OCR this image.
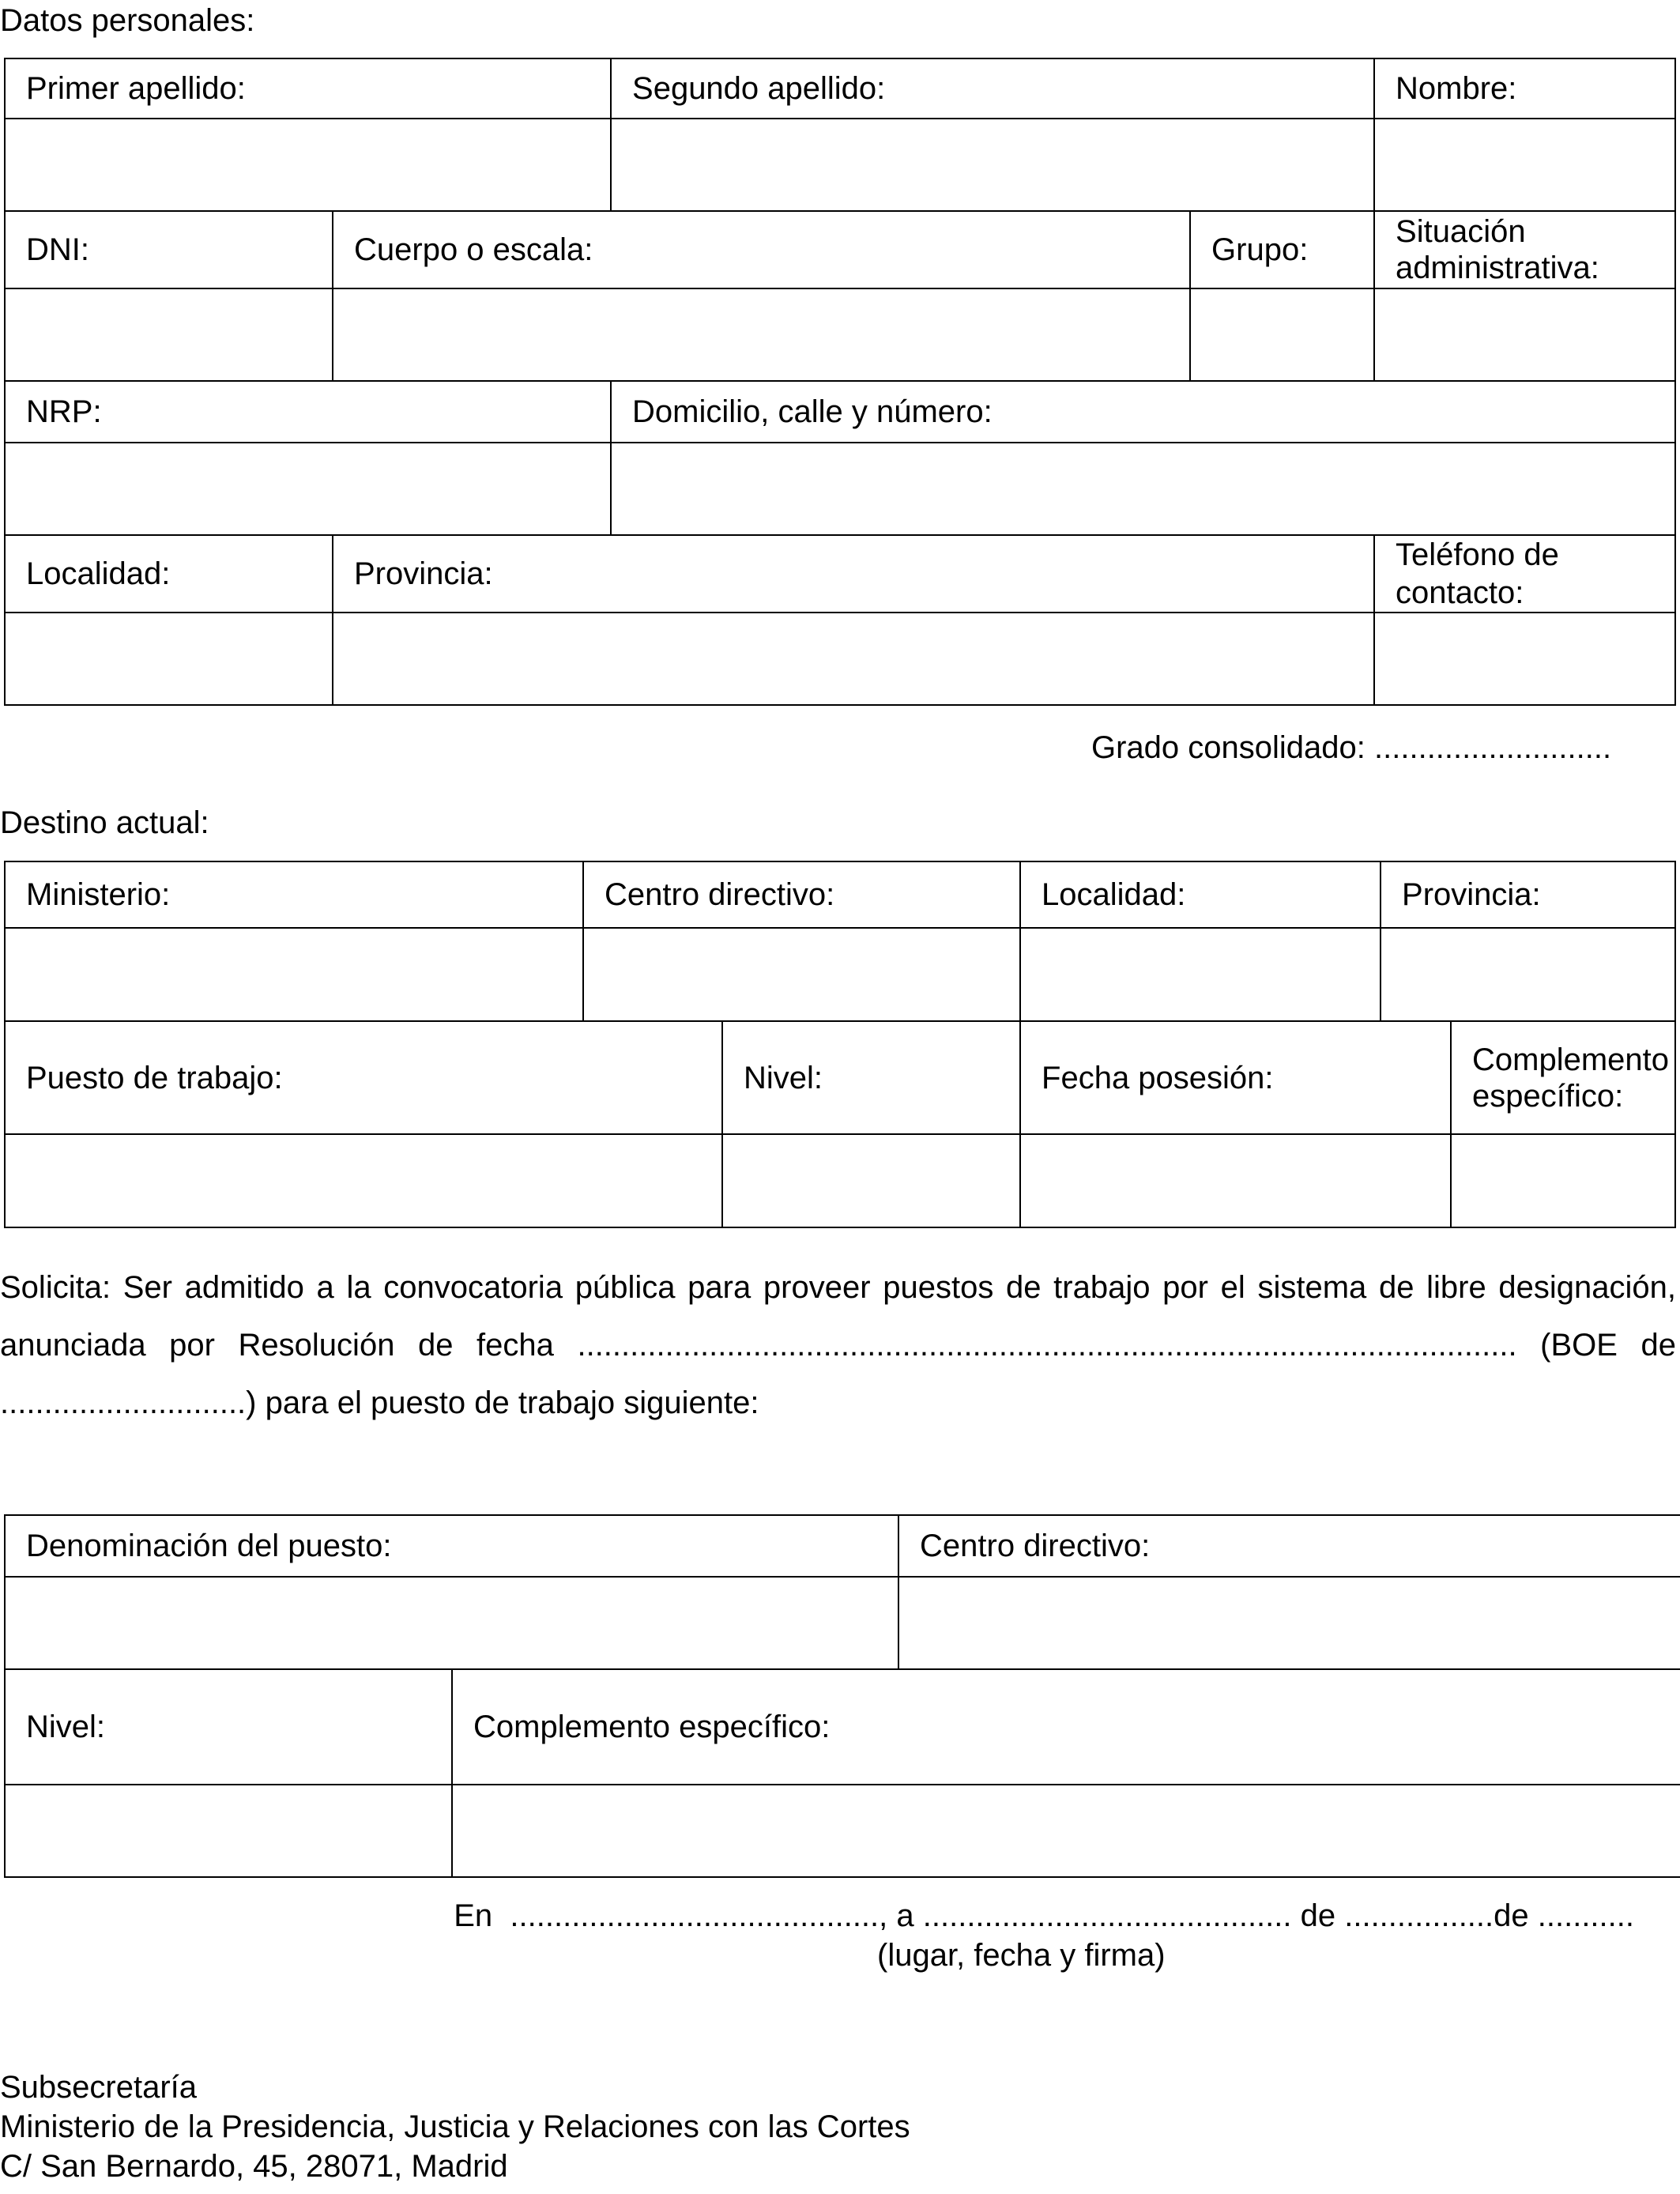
Datos personales:
Primer apellido:		Segundo apellido:		Nombre:

DNI:	Cuerpo o escala:		Grupo:	Situación
administrativa:

NRP:		Domicilio, calle y número:		

Localidad:	Provincia:			Teléfono de contacto:

Grado consolidado: ...........................
Destino actual:
Ministerio:	Centro directivo:		Localidad:	Provincia:	

Puesto de trabajo:		Nivel:	Fecha posesión:		Complemento
específico:

Solicita: Ser admitido a la convocatoria pública para proveer puestos de trabajo por el sistema de libre designación, anunciada por Resolución de fecha ........................................................................................................... (BOE de ............................) para el puesto de trabajo siguiente:
Denominación del puesto:		Centro directivo:	

Nivel:	Complemento específico:	

En  .........................................., a .......................................... de .................de ...........
(lugar, fecha y firma)
Subsecretaría
Ministerio de la Presidencia, Justicia y Relaciones con las Cortes
C/ San Bernardo, 45, 28071, Madrid
